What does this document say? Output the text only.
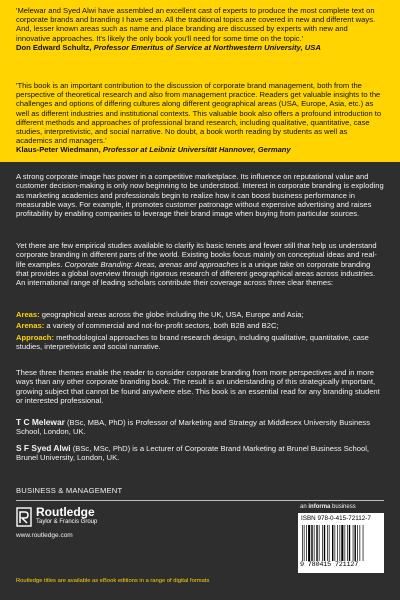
'Melewar and Syed Alwi have assembled an excellent cast of experts to produce the most complete text on corporate brands and branding I have seen. All the traditional topics are covered in new and different ways. And, lesser known areas such as name and place branding are discussed by experts with new and innovative approaches. It's likely the only book you'll need for some time on the topic.'
Don Edward Schultz, Professor Emeritus of Service at Northwestern University, USA
'This book is an important contribution to the discussion of corporate brand management, both from the perspective of theoretical research and also from management practice. Readers get valuable insights to the challenges and options of differing cultures along different geographical areas (USA, Europe, Asia, etc.) as well as different industries and institutional contexts. This valuable book also offers a profound introduction to different methods and approaches of professional brand research, including qualitative, quantitative, case studies, interpretivistic, and social narrative. No doubt, a book worth reading by students as well as academics and managers.'
Klaus-Peter Wiedmann, Professor at Leibniz Universität Hannover, Germany
A strong corporate image has power in a competitive marketplace. Its influence on reputational value and customer decision-making is only now beginning to be understood. Interest in corporate branding is exploding as marketing academics and professionals begin to realize how it can boost business performance in measurable ways. For example, it promotes customer patronage without expensive advertising and raises profitability by enabling companies to leverage their brand image when buying from particular sources.
Yet there are few empirical studies available to clarify its basic tenets and fewer still that help us understand corporate branding in different parts of the world. Existing books focus mainly on conceptual ideas and real-life examples. Corporate Branding: Areas, arenas and approaches is a unique take on corporate branding that provides a global overview through rigorous research of different geographical areas across industries. An international range of leading scholars contribute their coverage across three clear themes:
Areas: geographical areas across the globe including the UK, USA, Europe and Asia;
Arenas: a variety of commercial and not-for-profit sectors, both B2B and B2C;
Approach: methodological approaches to brand research design, including qualitative, quantitative, case studies, interpretivistic and social narrative.
These three themes enable the reader to consider corporate branding from more perspectives and in more ways than any other corporate branding book. The result is an understanding of this strategically important, growing subject that cannot be found anywhere else. This book is an essential read for any branding student or interested professional.
T C Melewar (BSc, MBA, PhD) is Professor of Marketing and Strategy at Middlesex University Business School, London, UK.
S F Syed Alwi (BSc, MSc, PhD) is a Lecturer of Corporate Brand Marketing at Brunel Business School, Brunel University, London, UK.
BUSINESS & MANAGEMENT
Routledge
Taylor & Francis Group
www.routledge.com
an informa business
ISBN 978-0-415-72112-7
9 780415 721127
Routledge titles are available as eBook editions in a range of digital formats
